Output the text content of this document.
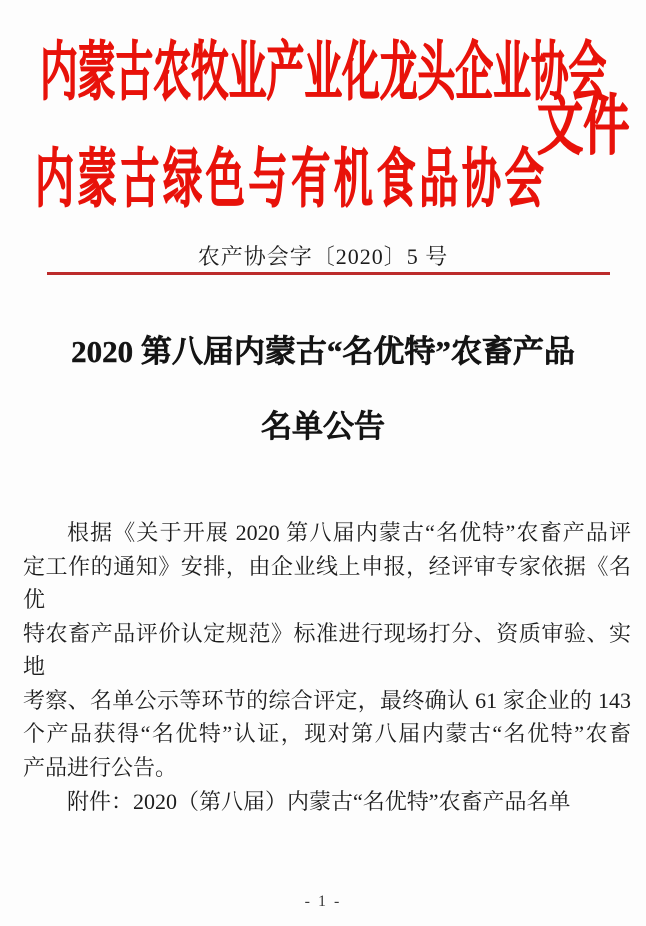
内蒙古农牧业产业化龙头企业协会
文件
内蒙古绿色与有机食品协会
农产协会字〔2020〕5 号
2020 第八届内蒙古“名优特”农畜产品
名单公告
根据《关于开展 2020 第八届内蒙古“名优特”农畜产品评
定工作的通知》安排，由企业线上申报，经评审专家依据《名优
特农畜产品评价认定规范》标准进行现场打分、资质审验、实地
考察、名单公示等环节的综合评定，最终确认 61 家企业的 143
个产品获得“名优特”认证，现对第八届内蒙古“名优特”农畜
产品进行公告。
附件：2020（第八届）内蒙古“名优特”农畜产品名单
- 1 -
